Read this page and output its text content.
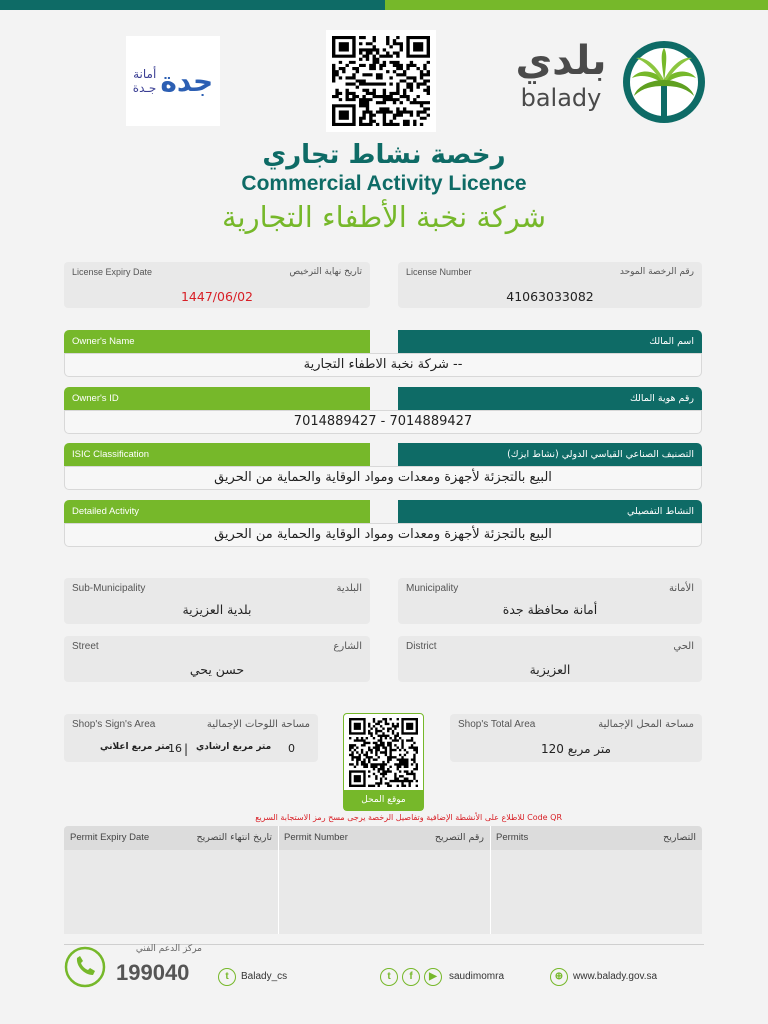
أمانة
جـدة جدة	بلدي
balady
رخصة نشاط تجاري
Commercial Activity Licence
شركة نخبة الأطفاء التجارية
License Expiry Date	تاريخ نهاية الترخيص
1447/06/02
License Number	رقم الرخصة الموحد
41063033082
Owner's Name	اسم المالك
شركة نخبة الاطفاء التجارية --
Owner's ID	رقم هوية المالك
7014889427 - 7014889427
ISIC Classification	التصنيف الصناعي القياسي الدولي (نشاط ايزك)
البيع بالتجزئة لأجهزة ومعدات ومواد الوقاية والحماية من الحريق
Detailed Activity	النشاط التفصيلي
البيع بالتجزئة لأجهزة ومعدات ومواد الوقاية والحماية من الحريق
Sub-Municipality	البلدية
بلدية العزيزية
Municipality	الأمانة
أمانة محافظة جدة
Street	الشارع
حسن يحي
District	الحي
العزيزية
Shop's Sign's Area	مساحة اللوحات الإجمالية
متر مربع اعلاني
16 | متر مربع ارشادي 0
موقع المحل
Shop's Total Area	مساحة المحل الإجمالية
120 متر مربع
للاطلاع على الأنشطة الإضافية وتفاصيل الرخصة يرجى مسح رمز الاستجابة السريع Code QR
Permit Expiry Date	تاريخ انتهاء التصريح Permit Number	رقم التصريح Permits	التصاريح
مركز الدعم الفني
199040	t	Balady_cs	t	f	▶	saudimomra	⊕ www.balady.gov.sa
